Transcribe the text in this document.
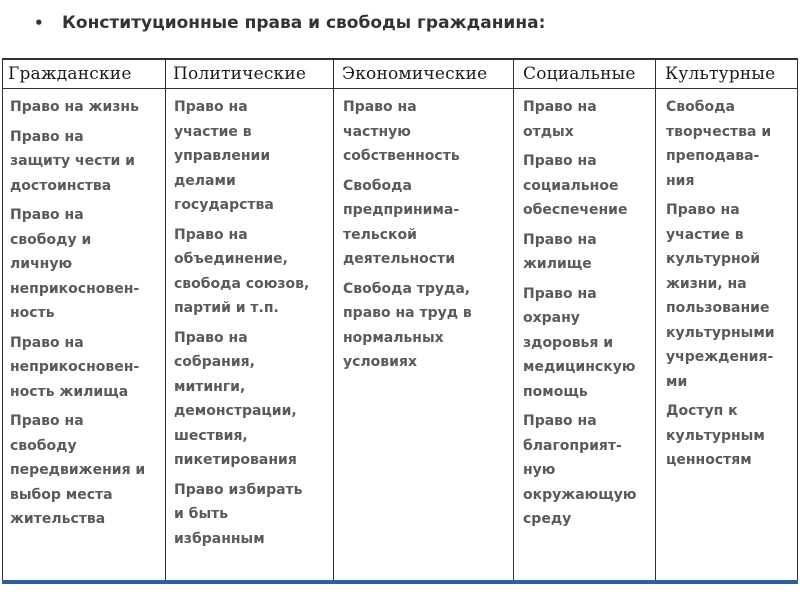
•	Конституционные права и свободы гражданина:
Гражданские Политические Экономические Социальные Культурные
Право на жизнь
Право на
защиту чести и
достоинства
Право на
свободу и
личную
неприкосновен-
ность
Право на
неприкосновен-
ность жилища
Право на
свободу
передвижения и
выбор места
жительства
Право на
участие в
управлении
делами
государства
Право на
объединение,
свобода союзов,
партий и т.п.
Право на
собрания,
митинги,
демонстрации,
шествия,
пикетирования
Право избирать
и быть
избранным
Право на
частную
собственность
Свобода
предпринима-
тельской
деятельности
Свобода труда,
право на труд в
нормальных
условиях
Право на
отдых
Право на
социальное
обеспечение
Право на
жилище
Право на
охрану
здоровья и
медицинскую
помощь
Право на
благоприят-
ную
окружающую
среду
Свобода
творчества и
преподава-
ния
Право на
участие в
культурной
жизни, на
пользование
культурными
учреждения-
ми
Доступ к
культурным
ценностям
